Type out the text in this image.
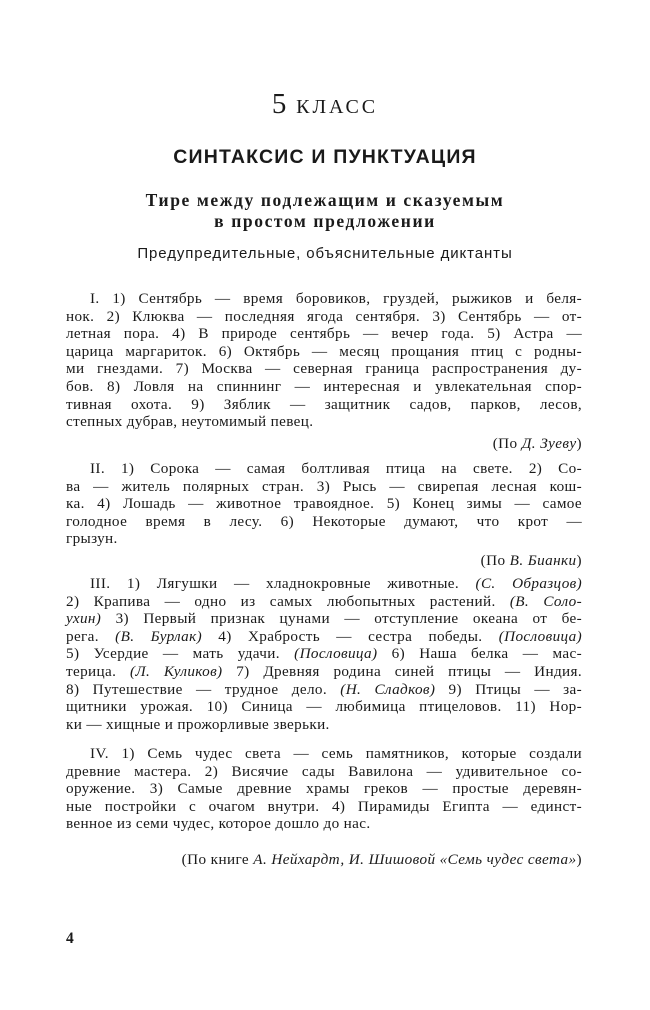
5 КЛАСС
СИНТАКСИС И ПУНКТУАЦИЯ
Тире между подлежащим и сказуемым
в простом предложении
Предупредительные, объяснительные диктанты
I. 1) Сентябрь — время боровиков, груздей, рыжиков и беля-
нок. 2) Клюква — последняя ягода сентября. 3) Сентябрь — от-
летная пора. 4) В природе сентябрь — вечер года. 5) Астра —
царица маргариток. 6) Октябрь — месяц прощания птиц с родны-
ми гнездами. 7) Москва — северная граница распространения ду-
бов. 8) Ловля на спиннинг — интересная и увлекательная спор-
тивная охота. 9) Зяблик — защитник садов, парков, лесов,
степных дубрав, неутомимый певец.
(По Д. Зуеву)
II. 1) Сорока — самая болтливая птица на свете. 2) Со-
ва — житель полярных стран. 3) Рысь — свирепая лесная кош-
ка. 4) Лошадь — животное травоядное. 5) Конец зимы — самое
голодное время в лесу. 6) Некоторые думают, что крот —
грызун.
(По В. Бианки)
III. 1) Лягушки — хладнокровные животные. (С. Образцов)
2) Крапива — одно из самых любопытных растений. (В. Соло-
ухин) 3) Первый признак цунами — отступление океана от бе-
рега. (В. Бурлак) 4) Храбрость — сестра победы. (Пословица)
5) Усердие — мать удачи. (Пословица) 6) Наша белка — мас-
терица. (Л. Куликов) 7) Древняя родина синей птицы — Индия.
8) Путешествие — трудное дело. (Н. Сладков) 9) Птицы — за-
щитники урожая. 10) Синица — любимица птицеловов. 11) Нор-
ки — хищные и прожорливые зверьки.
IV. 1) Семь чудес света — семь памятников, которые создали
древние мастера. 2) Висячие сады Вавилона — удивительное со-
оружение. 3) Самые древние храмы греков — простые деревян-
ные постройки с очагом внутри. 4) Пирамиды Египта — единст-
венное из семи чудес, которое дошло до нас.
(По книге А. Нейхардт, И. Шишовой «Семь чудес света»)
4
